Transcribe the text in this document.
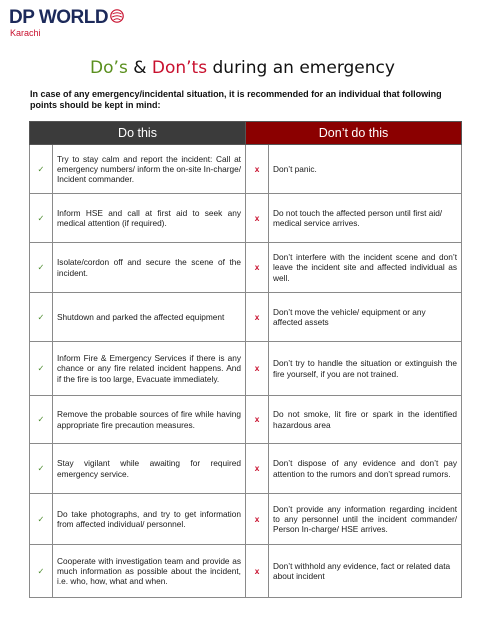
DP WORLD
Karachi
Do’s & Don’ts during an emergency
In case of any emergency/incidental situation, it is recommended for an individual that following points should be kept in mind:
Do this		Don’t do this	
✓	Try to stay calm and report the incident: Call at emergency numbers/ inform the on-site In-charge/ Incident commander.	x	Don’t panic.
✓	Inform HSE and call at first aid to seek any medical attention (if required).	x	Do not touch the affected person until first aid/ medical service arrives.
✓	Isolate/cordon off and secure the scene of the incident.	x	Don’t interfere with the incident scene and don’t leave the incident site and affected individual as well.
✓	Shutdown and parked the affected equipment	x	Don’t move the vehicle/ equipment or any affected assets
✓	Inform Fire & Emergency Services if there is any chance or any fire related incident happens. And if the fire is too large, Evacuate immediately.	x	Don’t try to handle the situation or extinguish the fire yourself, if you are not trained.
✓	Remove the probable sources of fire while having appropriate fire precaution measures.	x	Do not smoke, lit fire or spark in the identified hazardous area
✓	Stay vigilant while awaiting for required emergency service.	x	Don’t dispose of any evidence and don’t pay attention to the rumors and don’t spread rumors.
✓	Do take photographs, and try to get information from affected individual/ personnel.	x	Don’t provide any information regarding incident to any personnel until the incident commander/ Person In-charge/ HSE arrives.
✓	Cooperate with investigation team and provide as much information as possible about the incident, i.e. who, how, what and when.	x	Don’t withhold any evidence, fact or related data about incident
